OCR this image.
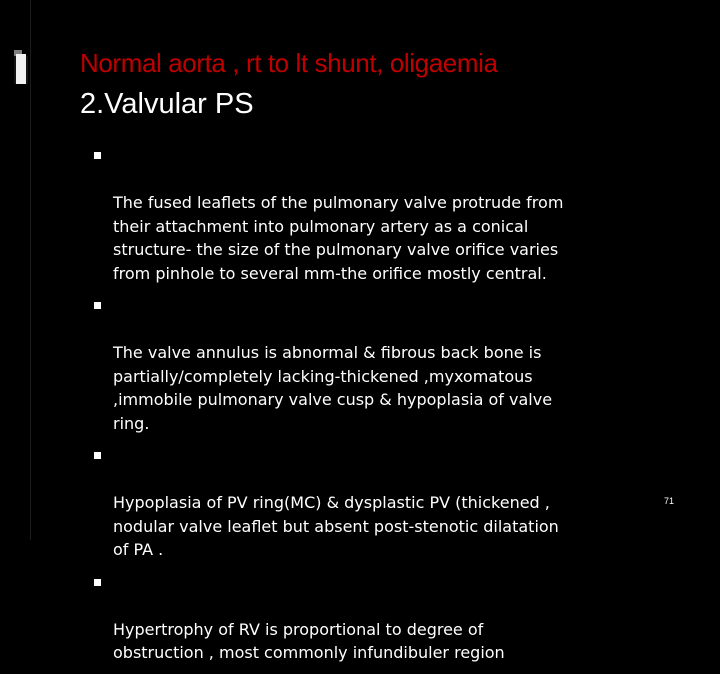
Normal aorta , rt to lt shunt, oligaemia
2.Valvular PS

The fused leaflets of the pulmonary valve protrude from
their attachment into pulmonary artery as a conical
structure- the size of the pulmonary valve orifice varies
from pinhole to several mm-the orifice mostly central.

The valve annulus is abnormal & fibrous back bone is
partially/completely lacking-thickened ,myxomatous
,immobile pulmonary valve cusp & hypoplasia of valve
ring.

Hypoplasia of PV ring(MC) & dysplastic PV (thickened ,
nodular valve leaflet but absent post-stenotic dilatation
of PA .

Hypertrophy of RV is proportional to degree of
obstruction , most commonly infundibuler region

71
